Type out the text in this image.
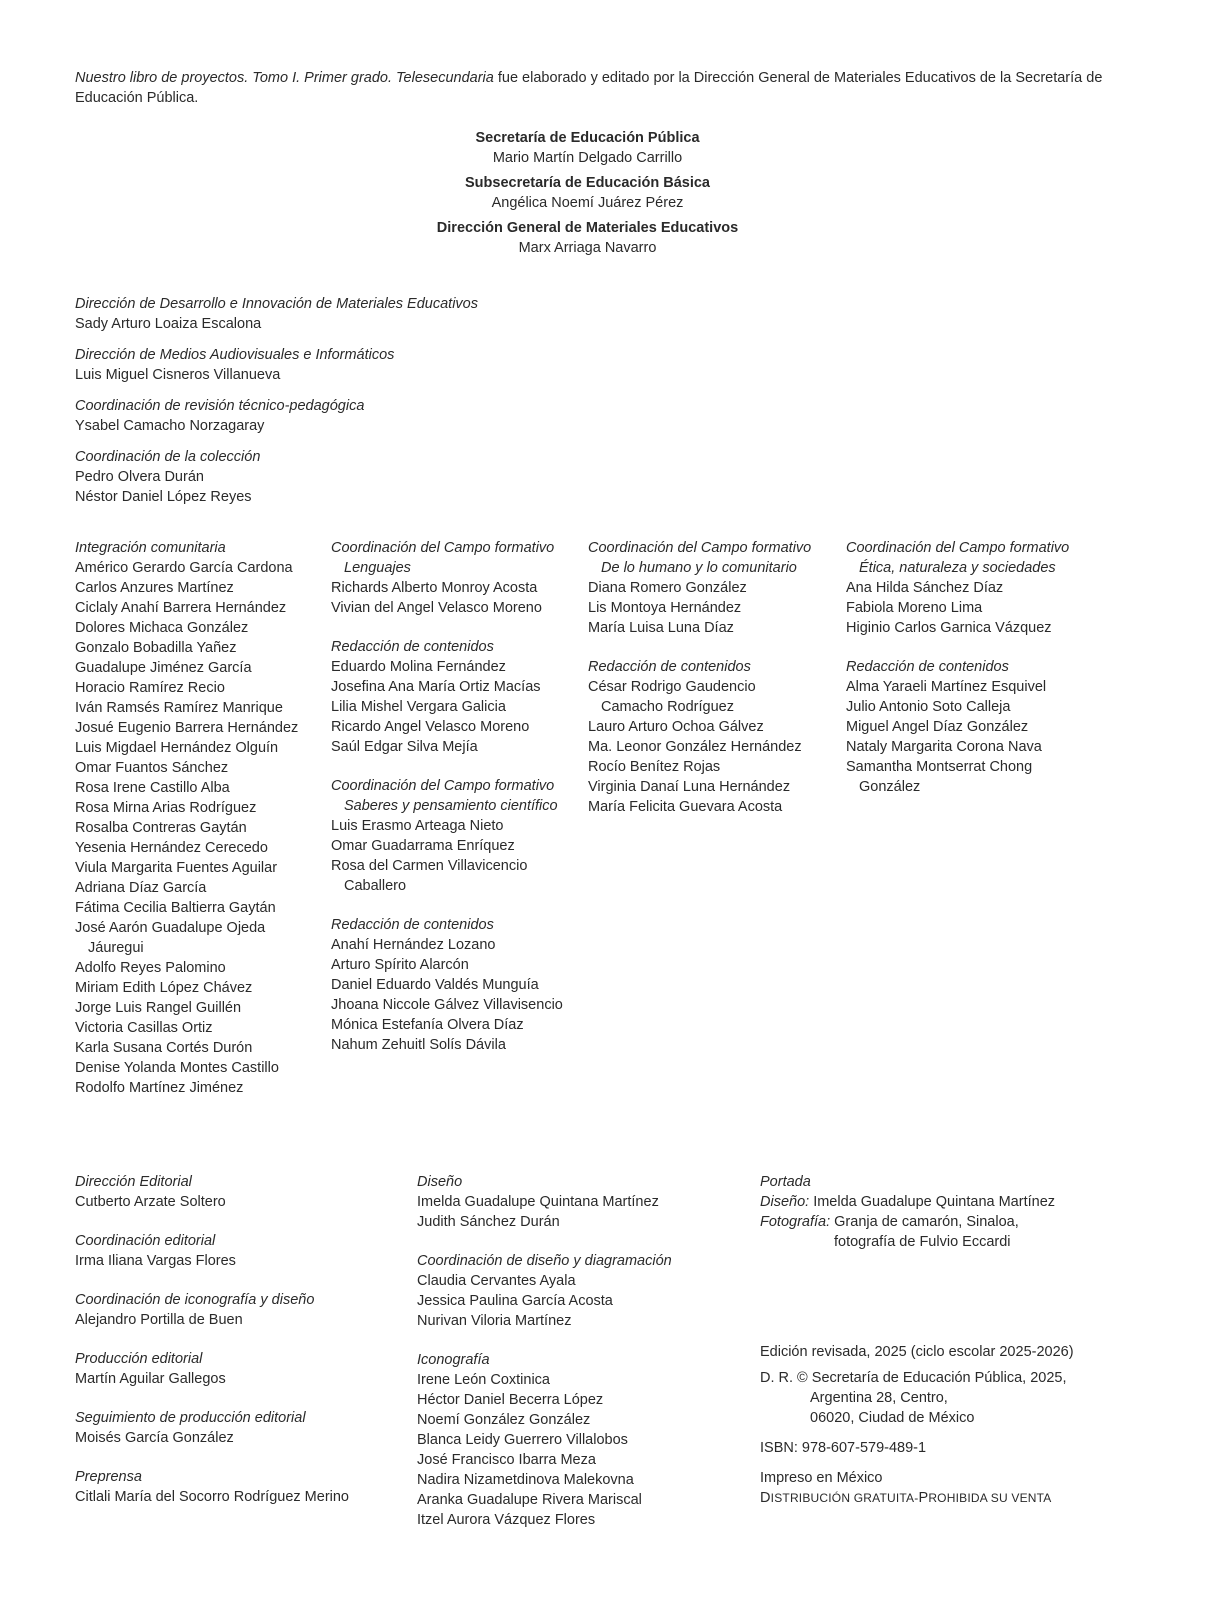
Nuestro libro de proyectos. Tomo I. Primer grado. Telesecundaria fue elaborado y editado por la Dirección General de Materiales Educativos de la Secretaría de Educación Pública.

Secretaría de Educación Pública
Mario Martín Delgado Carrillo
Subsecretaría de Educación Básica
Angélica Noemí Juárez Pérez
Dirección General de Materiales Educativos
Marx Arriaga Navarro
Dirección de Desarrollo e Innovación de Materiales Educativos
Sady Arturo Loaiza Escalona
Dirección de Medios Audiovisuales e Informáticos
Luis Miguel Cisneros Villanueva
Coordinación de revisión técnico-pedagógica
Ysabel Camacho Norzagaray
Coordinación de la colección
Pedro Olvera Durán
Néstor Daniel López Reyes
Integración comunitaria
Américo Gerardo García Cardona
Carlos Anzures Martínez
Ciclaly Anahí Barrera Hernández
Dolores Michaca González
Gonzalo Bobadilla Yañez
Guadalupe Jiménez García
Horacio Ramírez Recio
Iván Ramsés Ramírez Manrique
Josué Eugenio Barrera Hernández
Luis Migdael Hernández Olguín
Omar Fuantos Sánchez
Rosa Irene Castillo Alba
Rosa Mirna Arias Rodríguez
Rosalba Contreras Gaytán
Yesenia Hernández Cerecedo
Viula Margarita Fuentes Aguilar
Adriana Díaz García
Fátima Cecilia Baltierra Gaytán
José Aarón Guadalupe Ojeda
Jáuregui
Adolfo Reyes Palomino
Miriam Edith López Chávez
Jorge Luis Rangel Guillén
Victoria Casillas Ortiz
Karla Susana Cortés Durón
Denise Yolanda Montes Castillo
Rodolfo Martínez Jiménez
Coordinación del Campo formativo
Lenguajes
Richards Alberto Monroy Acosta
Vivian del Angel Velasco Moreno
Redacción de contenidos
Eduardo Molina Fernández
Josefina Ana María Ortiz Macías
Lilia Mishel Vergara Galicia
Ricardo Angel Velasco Moreno
Saúl Edgar Silva Mejía
Coordinación del Campo formativo
Saberes y pensamiento científico
Luis Erasmo Arteaga Nieto
Omar Guadarrama Enríquez
Rosa del Carmen Villavicencio
Caballero
Redacción de contenidos
Anahí Hernández Lozano
Arturo Spírito Alarcón
Daniel Eduardo Valdés Munguía
Jhoana Niccole Gálvez Villavisencio
Mónica Estefanía Olvera Díaz
Nahum Zehuitl Solís Dávila
Coordinación del Campo formativo
De lo humano y lo comunitario
Diana Romero González
Lis Montoya Hernández
María Luisa Luna Díaz
Redacción de contenidos
César Rodrigo Gaudencio
Camacho Rodríguez
Lauro Arturo Ochoa Gálvez
Ma. Leonor González Hernández
Rocío Benítez Rojas
Virginia Danaí Luna Hernández
María Felicita Guevara Acosta
Coordinación del Campo formativo
Ética, naturaleza y sociedades
Ana Hilda Sánchez Díaz
Fabiola Moreno Lima
Higinio Carlos Garnica Vázquez
Redacción de contenidos
Alma Yaraeli Martínez Esquivel
Julio Antonio Soto Calleja
Miguel Angel Díaz González
Nataly Margarita Corona Nava
Samantha Montserrat Chong
González
Dirección Editorial
Cutberto Arzate Soltero
Coordinación editorial
Irma Iliana Vargas Flores
Coordinación de iconografía y diseño
Alejandro Portilla de Buen
Producción editorial
Martín Aguilar Gallegos
Seguimiento de producción editorial
Moisés García González
Preprensa
Citlali María del Socorro Rodríguez Merino
Diseño
Imelda Guadalupe Quintana Martínez
Judith Sánchez Durán
Coordinación de diseño y diagramación
Claudia Cervantes Ayala
Jessica Paulina García Acosta
Nurivan Viloria Martínez
Iconografía
Irene León Coxtinica
Héctor Daniel Becerra López
Noemí González González
Blanca Leidy Guerrero Villalobos
José Francisco Ibarra Meza
Nadira Nizametdinova Malekovna
Aranka Guadalupe Rivera Mariscal
Itzel Aurora Vázquez Flores
Portada
Diseño: Imelda Guadalupe Quintana Martínez
Fotografía: Granja de camarón, Sinaloa,
fotografía de Fulvio Eccardi
Edición revisada, 2025 (ciclo escolar 2025-2026)
D. R. © Secretaría de Educación Pública, 2025,
Argentina 28, Centro,
06020, Ciudad de México
ISBN: 978-607-579-489-1
Impreso en México
DISTRIBUCIÓN GRATUITA-PROHIBIDA SU VENTA
